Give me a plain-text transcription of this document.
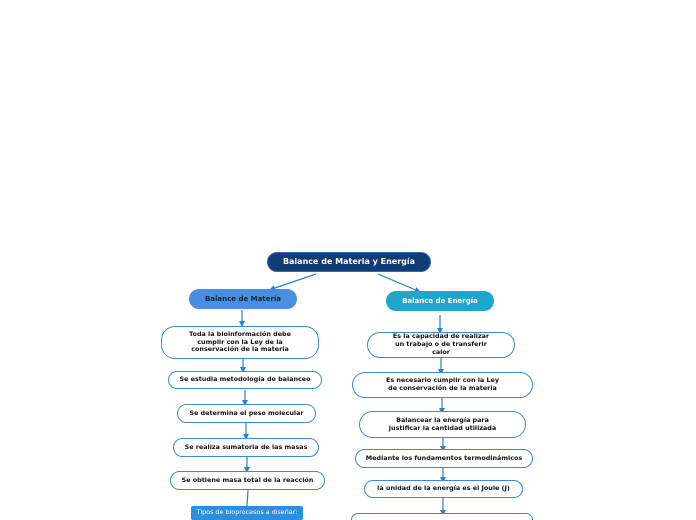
Balance de Materia y Energía
Balance de Materia	Balance de Energía
Toda la bioinformación debe cumplir con la Ley de la conservación de la materia
Se estudia metodología de balanceo
Se determina el peso molecular
Se realiza sumatoria de las masas
Se obtiene masa total de la reacción
Tipos de bioprocesos a diseñar:
Es la capacidad de realizar un trabajo o de transferir calor
Es necesario cumplir con la Ley de conservación de la materia
Balancear la energía para justificar la cantidad utilizada
Mediante los fundamentos termodinámicos
la unidad de la energía es el Joule (J)
